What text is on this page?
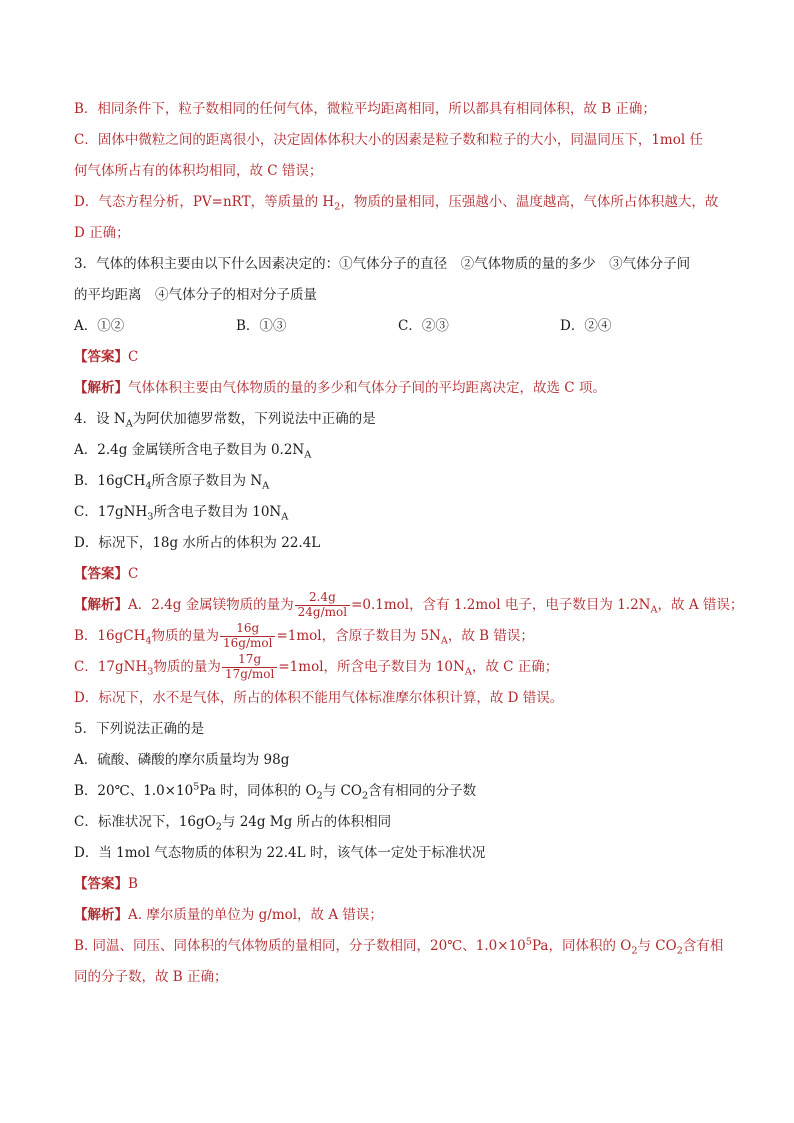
B．相同条件下，粒子数相同的任何气体，微粒平均距离相同，所以都具有相同体积，故 B 正确；
C．固体中微粒之间的距离很小，决定固体体积大小的因素是粒子数和粒子的大小，同温同压下，1mol 任
何气体所占有的体积均相同，故 C 错误；
D．气态方程分析，PV=nRT，等质量的 $H_2$，物质的量相同，压强越小、温度越高，气体所占体积越大，故
D 正确；
3．气体的体积主要由以下什么因素决定的：①气体分子的直径　②气体物质的量的多少　③气体分子间
的平均距离　④气体分子的相对分子质量
A．①②	B．①③	C．②③	D．②④
【答案】C
【解析】气体体积主要由气体物质的量的多少和气体分子间的平均距离决定，故选 C 项。
4．设 $N_A$为阿伏加德罗常数，下列说法中正确的是
A．2.4g 金属镁所含电子数目为 $0.2N_A$
B．16gCH$_4$所含原子数目为 $N_A$
C．17gNH$_3$所含电子数目为 $10N_A$
D．标况下，18g 水所占的体积为 22.4L
【答案】C
【解析】A．2.4g 金属镁物质的量为 $\frac{2.4g}{\text{24g/mol}} =0.1mol$，含有 1.2mol 电子，电子数目为 $1.2N_A$，故 A 错误；
B．16gCH$_4$物质的量为 $\frac{16g}{\text{16g/mol}} =1mol$，含原子数目为 $5N_A$，故 B 错误；
C．17gNH$_3$物质的量为 $\frac{17g}{\text{17g/mol}} =1mol$，所含电子数目为 $10N_A$，故 C 正确；
D．标况下，水不是气体，所占的体积不能用气体标准摩尔体积计算，故 D 错误。
5．下列说法正确的是
A．硫酸、磷酸的摩尔质量均为 98g
B．20℃、$1.0\times 10^5Pa$ 时，同体积的 $O_2$与 $CO_2$含有相同的分子数
C．标准状况下，$16gO_2$与 24g Mg 所占的体积相同
D．当 1mol 气态物质的体积为 22.4L 时，该气体一定处于标准状况
【答案】B
【解析】A. 摩尔质量的单位为 g/mol，故 A 错误；
B. 同温、同压、同体积的气体物质的量相同，分子数相同，20℃、$1.0\times 10^5Pa$，同体积的 $O_2$与 $CO_2$含有相
同的分子数，故 B 正确；
